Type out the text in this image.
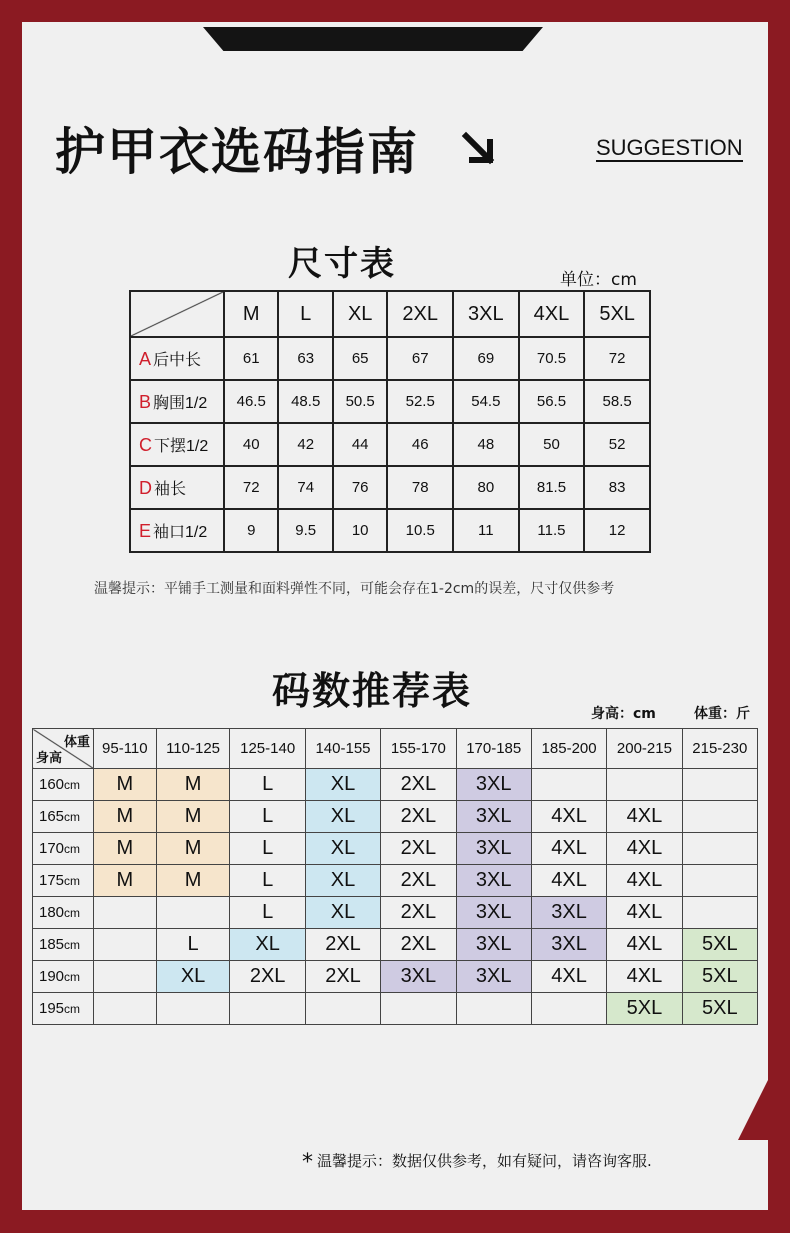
护甲衣选码指南	SUGGESTION
尺寸表	单位：cm
	M	L	XL	2XL	3XL	4XL	5XL
A 后中长	61	63	65	67	69	70.5	72
B 胸围1/2	46.5	48.5	50.5	52.5	54.5	56.5	58.5
C 下摆1/2	40	42	44	46	48	50	52
D 袖长	72	74	76	78	80	81.5	83
E 袖口1/2	9	9.5	10	10.5	11	11.5	12
温馨提示：平铺手工测量和面料弹性不同，可能会存在1-2cm的误差，尺寸仅供参考
码数推荐表
身高：cm	体重：斤
体重
身高	95-110	110-125	125-140	140-155	155-170	170-185	185-200	200-215	215-230
160cm	M	M	L	XL	2XL	3XL			
165cm	M	M	L	XL	2XL	3XL	4XL	4XL	
170cm	M	M	L	XL	2XL	3XL	4XL	4XL	
175cm	M	M	L	XL	2XL	3XL	4XL	4XL	
180cm			L	XL	2XL	3XL	3XL	4XL	
185cm		L	XL	2XL	2XL	3XL	3XL	4XL	5XL
190cm		XL	2XL	2XL	3XL	3XL	4XL	4XL	5XL
195cm								5XL	5XL
* 温馨提示：数据仅供参考，如有疑问，请咨询客服.
